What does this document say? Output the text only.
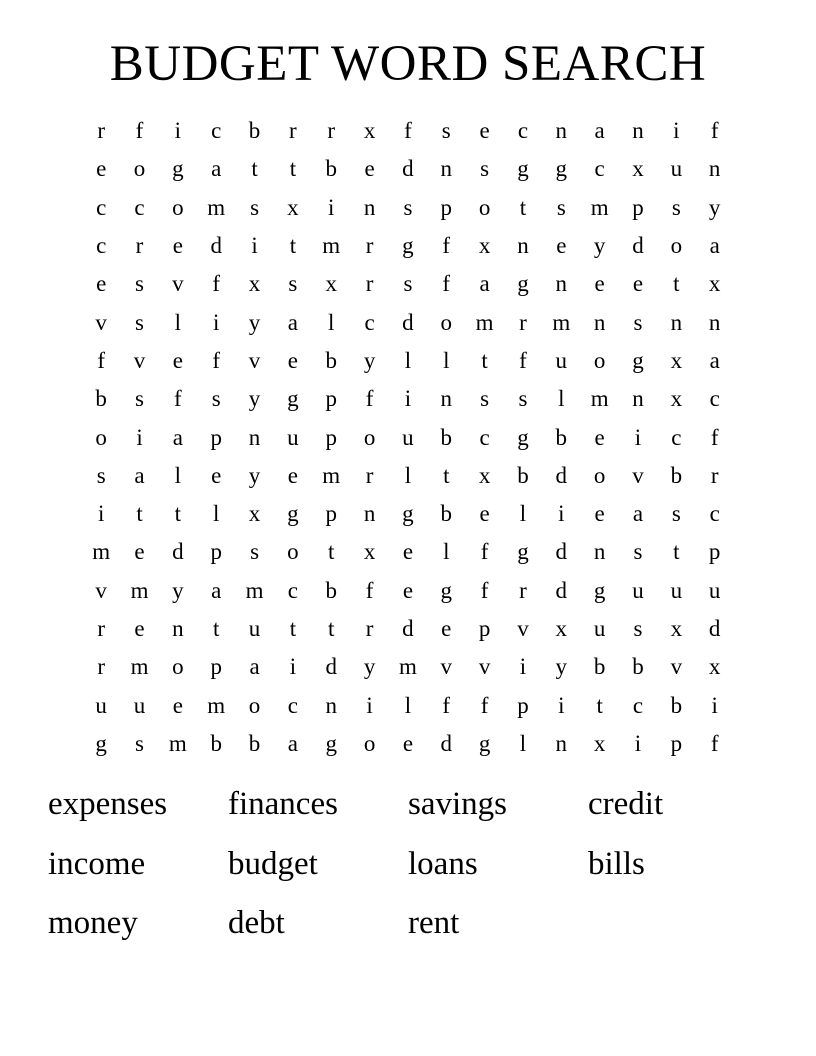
BUDGET WORD SEARCH
r	f	i	c	b	r	r	x	f	s	e	c	n	a	n	i	f
e	o	g	a	t	t	b	e	d	n	s	g	g	c	x	u	n
c	c	o	m	s	x	i	n	s	p	o	t	s	m	p	s	y
c	r	e	d	i	t	m	r	g	f	x	n	e	y	d	o	a
e	s	v	f	x	s	x	r	s	f	a	g	n	e	e	t	x
v	s	l	i	y	a	l	c	d	o	m	r	m	n	s	n	n
f	v	e	f	v	e	b	y	l	l	t	f	u	o	g	x	a
b	s	f	s	y	g	p	f	i	n	s	s	l	m	n	x	c
o	i	a	p	n	u	p	o	u	b	c	g	b	e	i	c	f
s	a	l	e	y	e	m	r	l	t	x	b	d	o	v	b	r
i	t	t	l	x	g	p	n	g	b	e	l	i	e	a	s	c
m	e	d	p	s	o	t	x	e	l	f	g	d	n	s	t	p
v	m	y	a	m	c	b	f	e	g	f	r	d	g	u	u	u
r	e	n	t	u	t	t	r	d	e	p	v	x	u	s	x	d
r	m	o	p	a	i	d	y	m	v	v	i	y	b	b	v	x
u	u	e	m	o	c	n	i	l	f	f	p	i	t	c	b	i
g	s	m	b	b	a	g	o	e	d	g	l	n	x	i	p	f
expenses	finances	savings	credit
income	budget	loans	bills
money	debt	rent
